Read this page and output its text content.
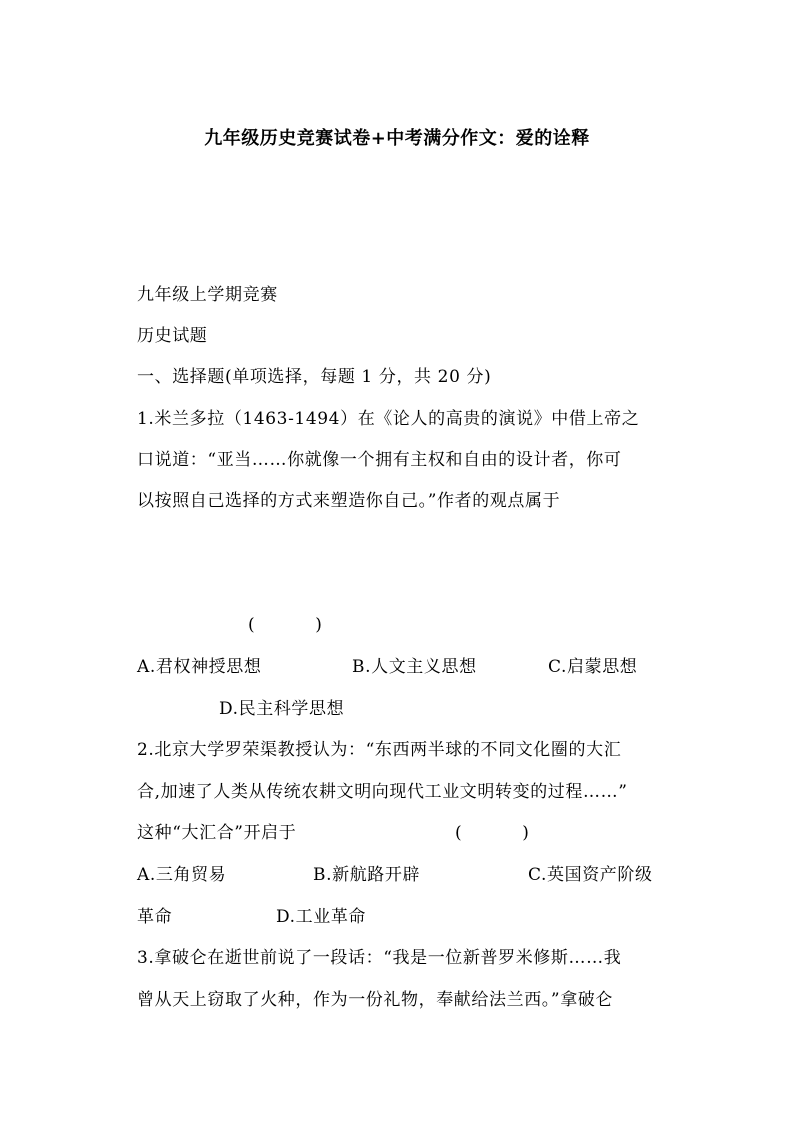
九年级历史竞赛试卷+中考满分作文：爱的诠释
九年级上学期竞赛
历史试题
一、选择题(单项选择，每题 1 分，共 20 分)
1.米兰多拉（1463-1494）在《论人的高贵的演说》中借上帝之
口说道：“亚当……你就像一个拥有主权和自由的设计者，你可
以按照自己选择的方式来塑造你自己。”作者的观点属于
(          )
A.君权神授思想	B.人文主义思想	C.启蒙思想
D.民主科学思想
2.北京大学罗荣渠教授认为：“东西两半球的不同文化圈的大汇
合,加速了人类从传统农耕文明向现代工业文明转变的过程……”
这种“大汇合”开启于	(          )
A.三角贸易	B.新航路开辟	C.英国资产阶级
革命	D.工业革命
3.拿破仑在逝世前说了一段话：“我是一位新普罗米修斯……我
曾从天上窃取了火种，作为一份礼物，奉献给法兰西。”拿破仑
